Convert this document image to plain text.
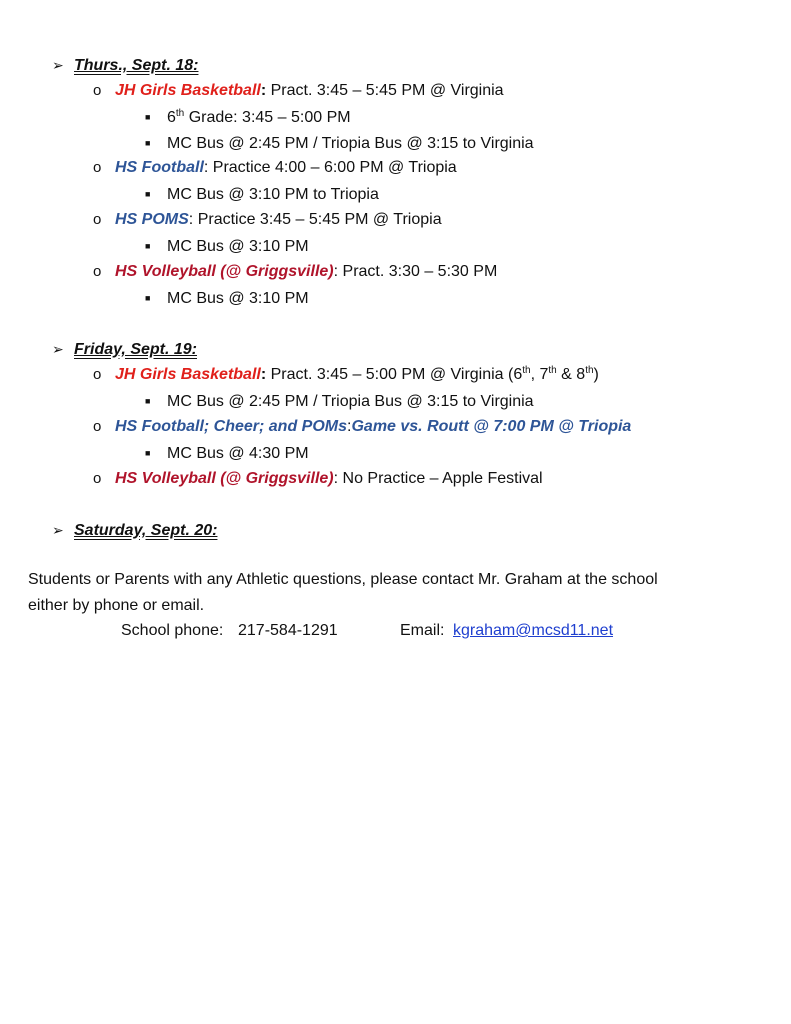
➢ Thurs., Sept. 18:
o JH Girls Basketball: Pract. 3:45 – 5:45 PM @ Virginia
■ 6th Grade: 3:45 – 5:00 PM
■ MC Bus @ 2:45 PM / Triopia Bus @ 3:15 to Virginia
o HS Football: Practice 4:00 – 6:00 PM @ Triopia
■ MC Bus @ 3:10 PM to Triopia
o HS POMS: Practice 3:45 – 5:45 PM @ Triopia
■ MC Bus @ 3:10 PM
o HS Volleyball (@ Griggsville): Pract. 3:30 – 5:30 PM
■ MC Bus @ 3:10 PM
➢ Friday, Sept. 19:
o JH Girls Basketball: Pract. 3:45 – 5:00 PM @ Virginia (6th, 7th & 8th)
■ MC Bus @ 2:45 PM / Triopia Bus @ 3:15 to Virginia
o HS Football; Cheer; and POMs:Game vs. Routt @ 7:00 PM @ Triopia
■ MC Bus @ 4:30 PM
o HS Volleyball (@ Griggsville): No Practice – Apple Festival
➢ Saturday, Sept. 20:
Students or Parents with any Athletic questions, please contact Mr. Graham at the school
either by phone or email.
School phone: 217-584-1291	Email: kgraham@mcsd11.net
